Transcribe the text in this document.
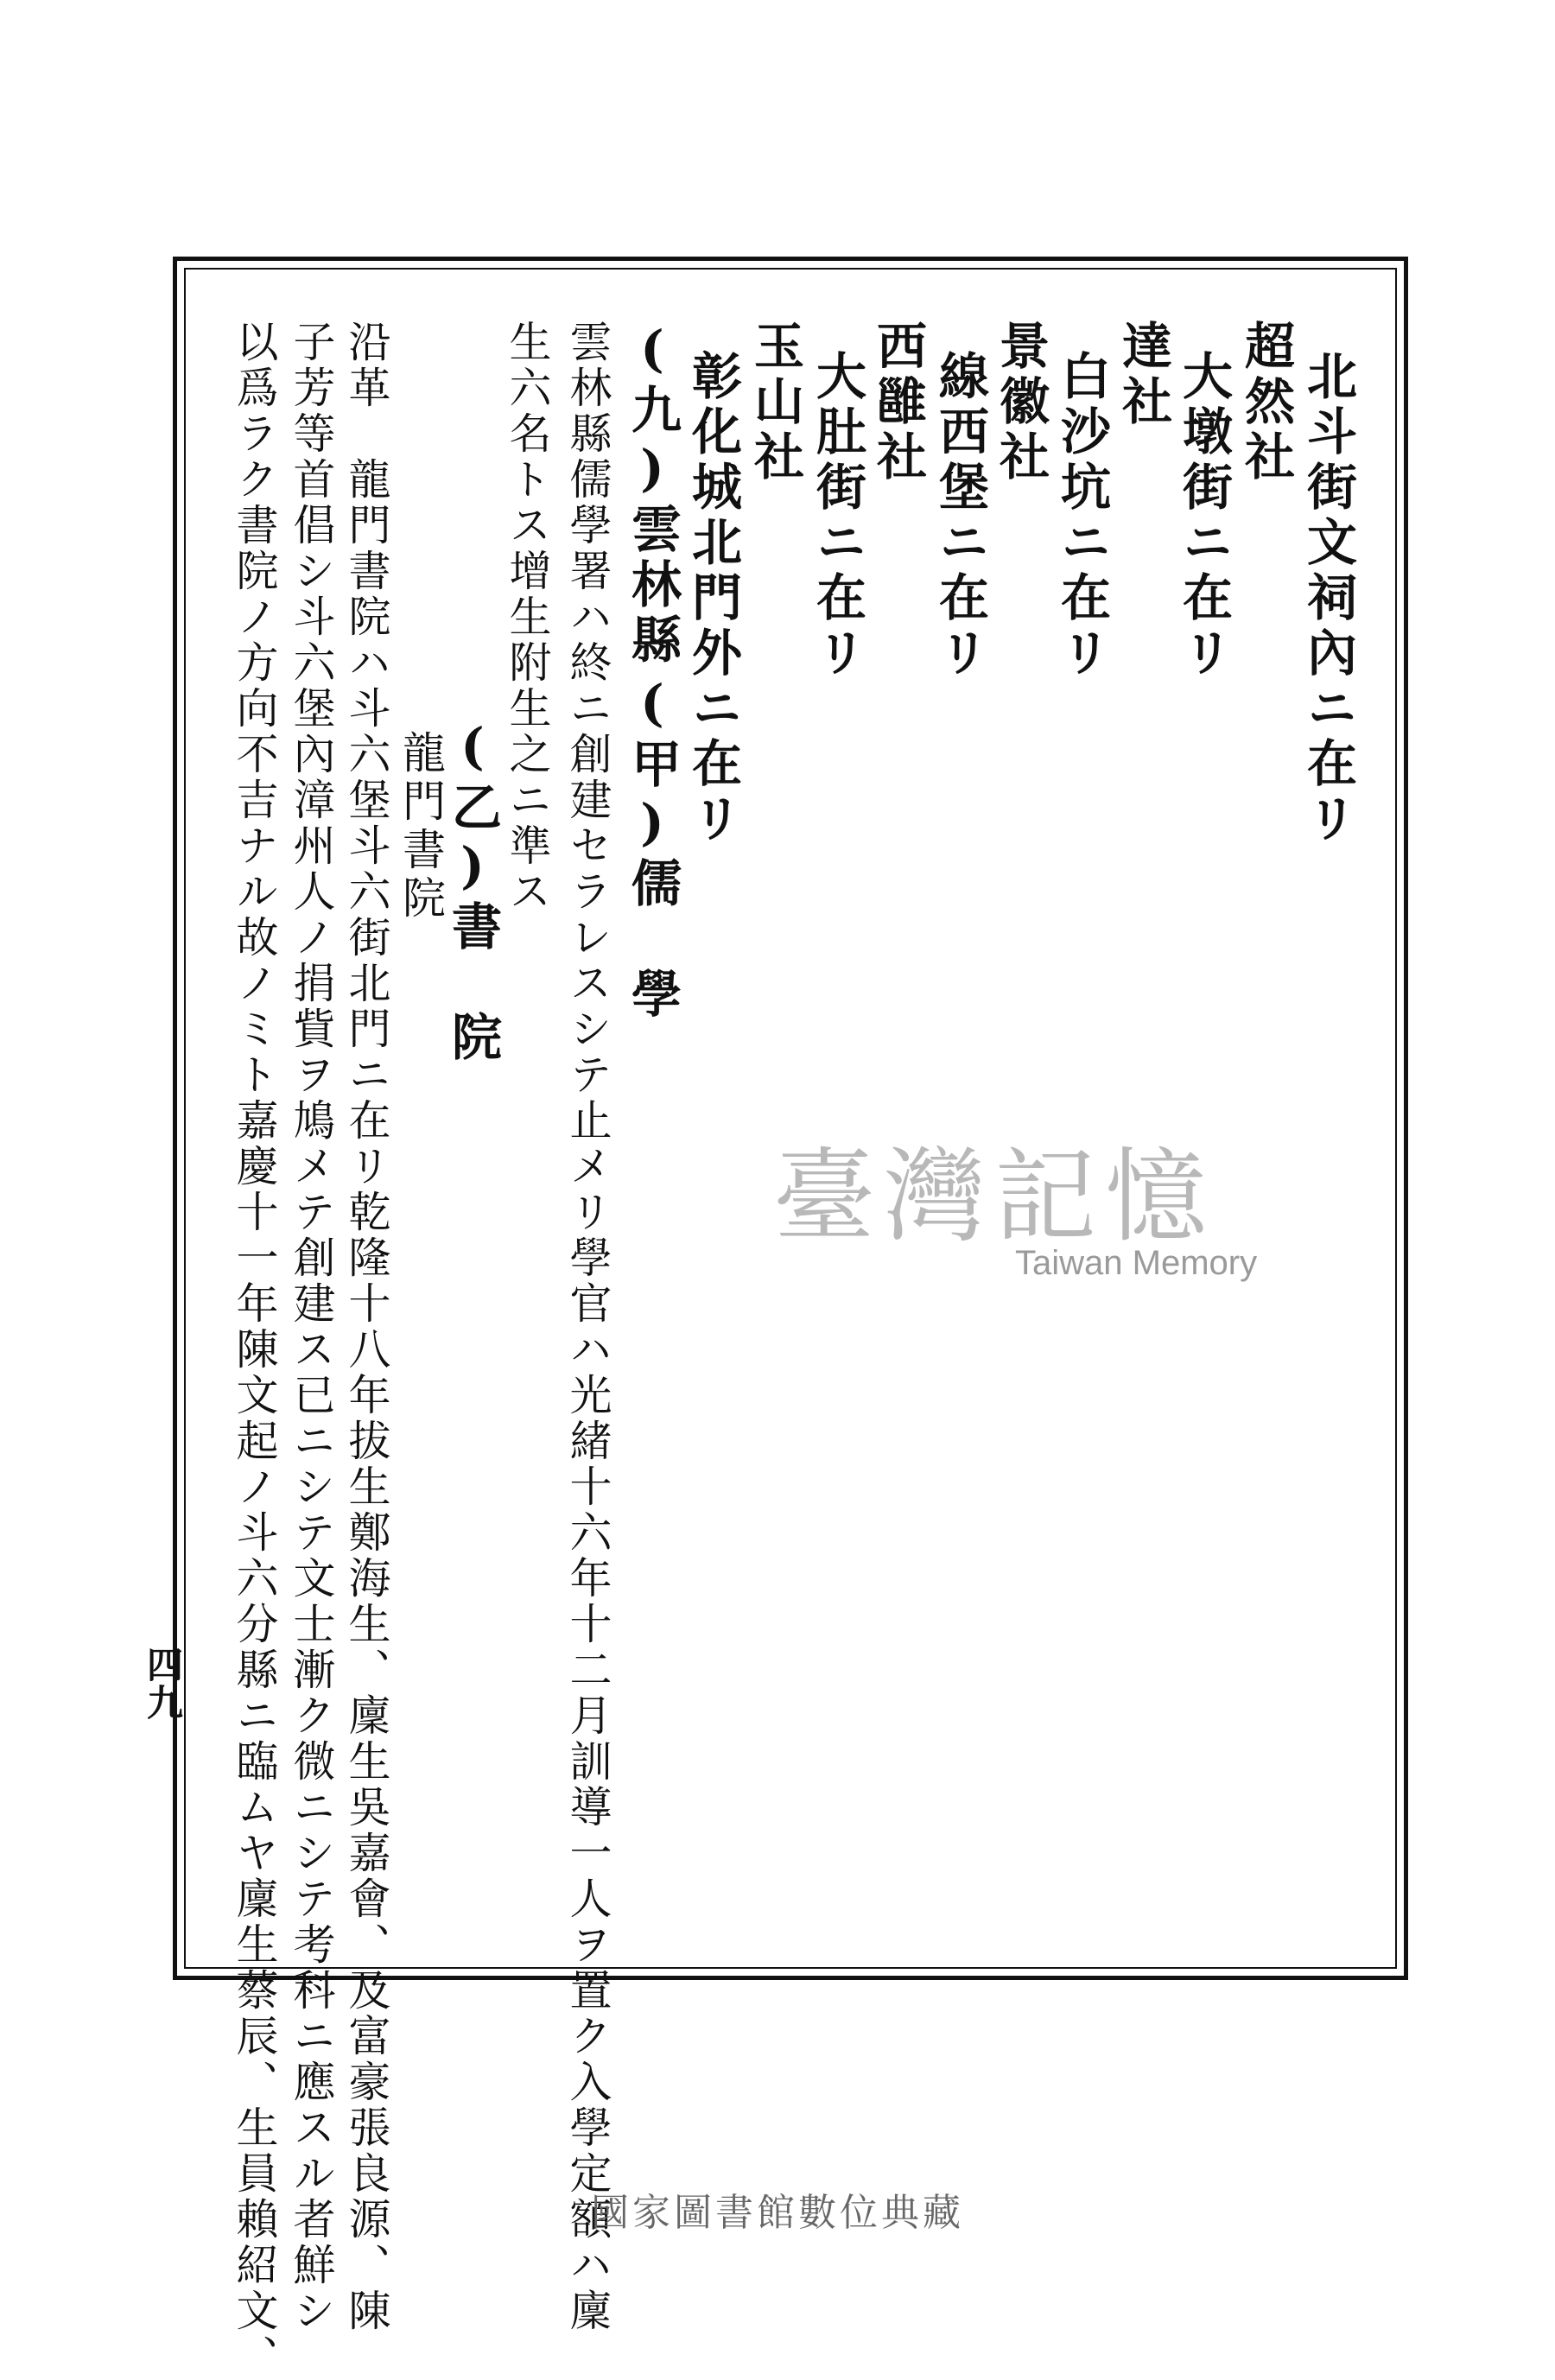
北斗街文祠內ニ在リ

超然社

大墩街ニ在リ

達社

白沙坑ニ在リ

景徽社

線西堡ニ在リ

西雝社

大肚街ニ在リ

玉山社

彰化城北門外ニ在リ

(九)雲林縣

(甲)儒　學

雲林縣儒學署ハ終ニ創建セラレスシテ止メリ學官ハ光緒十六年十二月訓導一人ヲ置ク入學定額ハ廩

生六名トス增生附生之ニ準ス

(乙)書　院

龍門書院

沿革　龍門書院ハ斗六堡斗六街北門ニ在リ乾隆十八年拔生鄭海生、廩生吳嘉會、及富豪張良源、陳

子芳等首倡シ斗六堡內漳州人ノ捐貲ヲ鳩メテ創建ス已ニシテ文士漸ク微ニシテ考科ニ應スル者鮮シ

以爲ラク書院ノ方向不吉ナル故ノミト嘉慶十一年陳文起ノ斗六分縣ニ臨ムヤ廩生蔡辰、生員賴紹文、

四九
臺灣記憶
Taiwan Memory
國家圖書館數位典藏
